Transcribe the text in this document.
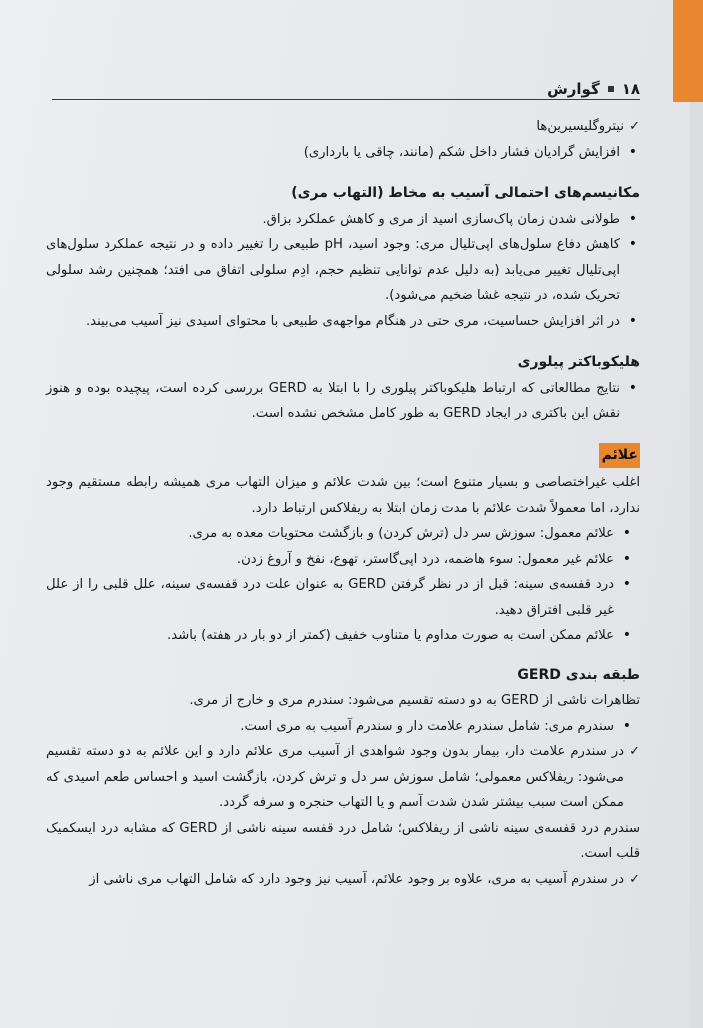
۱۸
گوارش

✓
نیتروگلیسیرین‌ها

• افزایش گرادیان فشار داخل شکم (مانند، چاقی یا بارداری)

مکانیسم‌های احتمالی آسیب به مخاط (التهاب مری)

• طولانی شدن زمان پاک‌سازی اسید از مری و کاهش عملکرد بزاق.

• کاهش دفاع سلول‌های اپی‌تلیال مری: وجود اسید، pH طبیعی را تغییر داده و در نتیجه عملکرد سلول‌های اپی‌تلیال تغییر می‌یابد (به دلیل عدم توانایی تنظیم حجم، ادِم سلولی اتفاق می افتد؛ همچنین رشد سلولی تحریک شده، در نتیجه غشا ضخیم می‌شود).

• در اثر افزایش حساسیت، مری حتی در هنگام مواجهه‌ی طبیعی با محتوای اسیدی نیز آسیب می‌بیند.

هلیکوباکتر پیلوری

• نتایج مطالعاتی که ارتباط هلیکوباکتر پیلوری را با ابتلا به GERD بررسی کرده است، پیچیده بوده و هنوز نقش این باکتری در ایجاد GERD به طور کامل مشخص نشده است.

علائم

اغلب غیراختصاصی و بسیار متنوع است؛ بین شدت علائم و میزان التهاب مری همیشه رابطه مستقیم وجود ندارد، اما معمولاً شدت علائم با مدت زمان ابتلا به ریفلاکس ارتباط دارد.

• علائم معمول: سوزش سر دل (ترش کردن) و بازگشت محتویات معده به مری.

• علائم غیر معمول: سوء هاضمه، درد اپی‌گاستر، تهوع، نفخ و آروغ زدن.

• درد قفسه‌ی سینه: قبل از در نظر گرفتن GERD به عنوان علت درد قفسه‌ی سینه، علل قلبی را از علل غیر قلبی افتراق دهید.

• علائم ممکن است به صورت مداوم یا متناوب خفیف (کمتر از دو بار در هفته) باشد.

طبقه بندی GERD

تظاهرات ناشی از GERD به دو دسته تقسیم می‌شود: سندرم مری و خارج از مری.

• سندرم مری: شامل سندرم علامت دار و سندرم آسیب به مری است.

✓
در سندرم علامت دار، بیمار بدون وجود شواهدی از آسیب مری علائم دارد و این علائم به دو دسته تقسیم می‌شود: ریفلاکس معمولی؛ شامل سوزش سر دل و ترش کردن، بازگشت اسید و احساس طعم اسیدی که ممکن است سبب بیشتر شدن شدت آسم و یا التهاب حنجره و سرفه گردد.

سندرم درد قفسه‌ی سینه ناشی از ریفلاکس؛ شامل درد قفسه سینه ناشی از GERD که مشابه درد ایسکمیک قلب است.

✓
در سندرم آسیب به مری، علاوه بر وجود علائم، آسیب نیز وجود دارد که شامل التهاب مری ناشی از
